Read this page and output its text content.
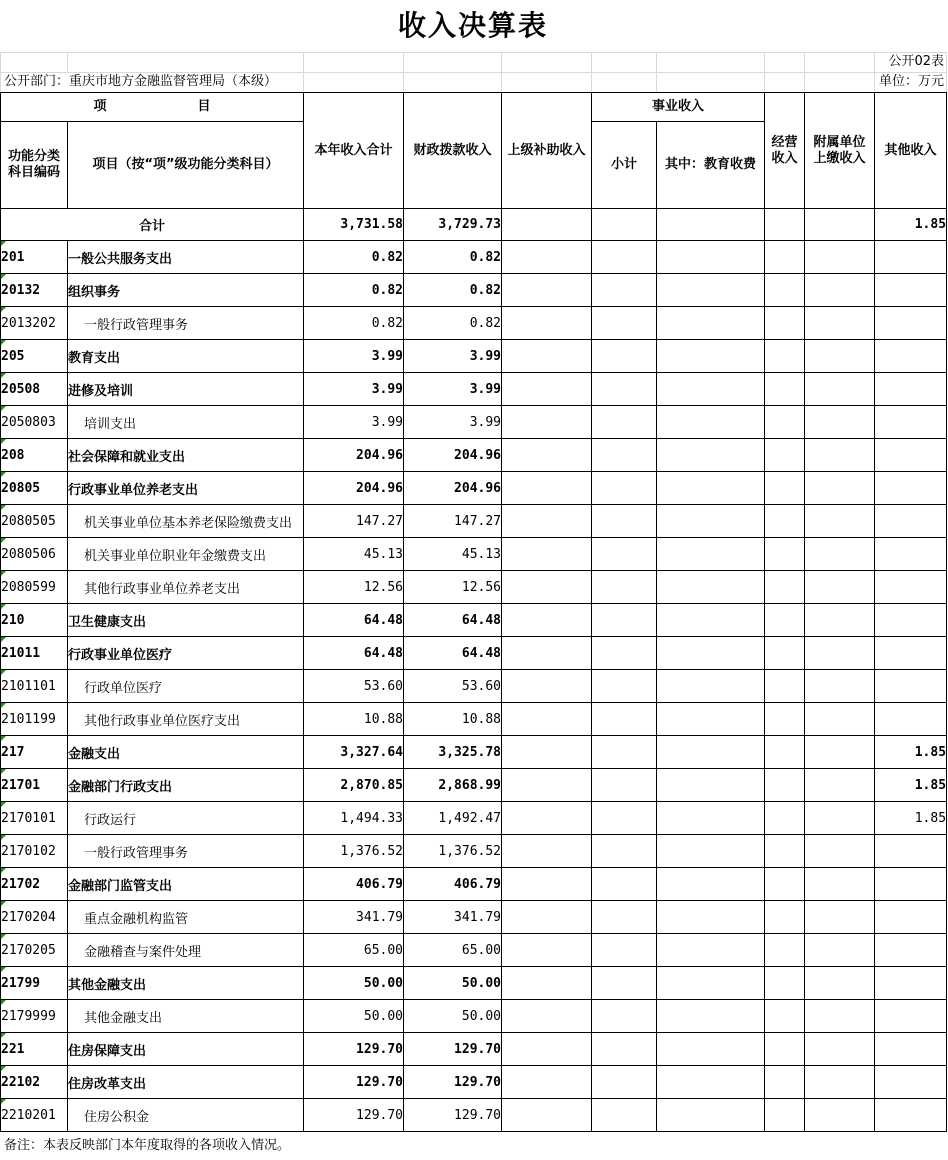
收入决算表
公开02表
公开部门：重庆市地方金融监督管理局（本级）	单位：万元
项　　　　　　　目		本年收入合计	财政拨款收入	上级补助收入	事业收入		经营收入	附属单位上缴收入	其他收入
功能分类科目编码	项目（按“项”级功能分类科目）				小计	其中：教育收费			
合计		3,731.58	3,729.73						1.85
201	一般公共服务支出	0.82	0.82						
20132	组织事务	0.82	0.82						
2013202	一般行政管理事务	0.82	0.82						
205	教育支出	3.99	3.99						
20508	进修及培训	3.99	3.99						
2050803	培训支出	3.99	3.99						
208	社会保障和就业支出	204.96	204.96						
20805	行政事业单位养老支出	204.96	204.96						
2080505	机关事业单位基本养老保险缴费支出	147.27	147.27						
2080506	机关事业单位职业年金缴费支出	45.13	45.13						
2080599	其他行政事业单位养老支出	12.56	12.56						
210	卫生健康支出	64.48	64.48						
21011	行政事业单位医疗	64.48	64.48						
2101101	行政单位医疗	53.60	53.60						
2101199	其他行政事业单位医疗支出	10.88	10.88						
217	金融支出	3,327.64	3,325.78						1.85
21701	金融部门行政支出	2,870.85	2,868.99						1.85
2170101	行政运行	1,494.33	1,492.47						1.85
2170102	一般行政管理事务	1,376.52	1,376.52						
21702	金融部门监管支出	406.79	406.79						
2170204	重点金融机构监管	341.79	341.79						
2170205	金融稽查与案件处理	65.00	65.00						
21799	其他金融支出	50.00	50.00						
2179999	其他金融支出	50.00	50.00						
221	住房保障支出	129.70	129.70						
22102	住房改革支出	129.70	129.70						
2210201	住房公积金	129.70	129.70						
备注：本表反映部门本年度取得的各项收入情况。
